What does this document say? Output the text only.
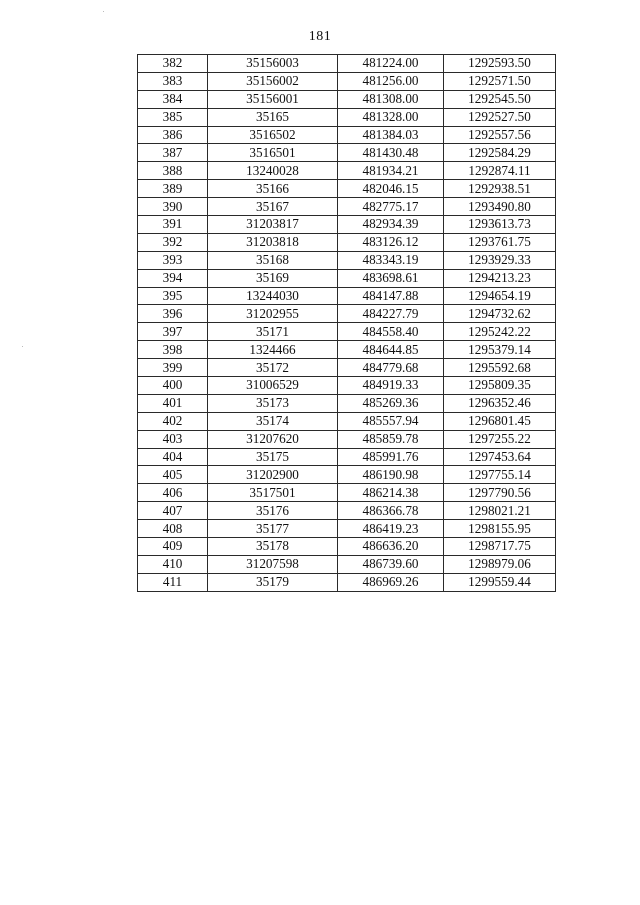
181
382	35156003	481224.00	1292593.50
383	35156002	481256.00	1292571.50
384	35156001	481308.00	1292545.50
385	35165	481328.00	1292527.50
386	3516502	481384.03	1292557.56
387	3516501	481430.48	1292584.29
388	13240028	481934.21	1292874.11
389	35166	482046.15	1292938.51
390	35167	482775.17	1293490.80
391	31203817	482934.39	1293613.73
392	31203818	483126.12	1293761.75
393	35168	483343.19	1293929.33
394	35169	483698.61	1294213.23
395	13244030	484147.88	1294654.19
396	31202955	484227.79	1294732.62
397	35171	484558.40	1295242.22
398	1324466	484644.85	1295379.14
399	35172	484779.68	1295592.68
400	31006529	484919.33	1295809.35
401	35173	485269.36	1296352.46
402	35174	485557.94	1296801.45
403	31207620	485859.78	1297255.22
404	35175	485991.76	1297453.64
405	31202900	486190.98	1297755.14
406	3517501	486214.38	1297790.56
407	35176	486366.78	1298021.21
408	35177	486419.23	1298155.95
409	35178	486636.20	1298717.75
410	31207598	486739.60	1298979.06
411	35179	486969.26	1299559.44
